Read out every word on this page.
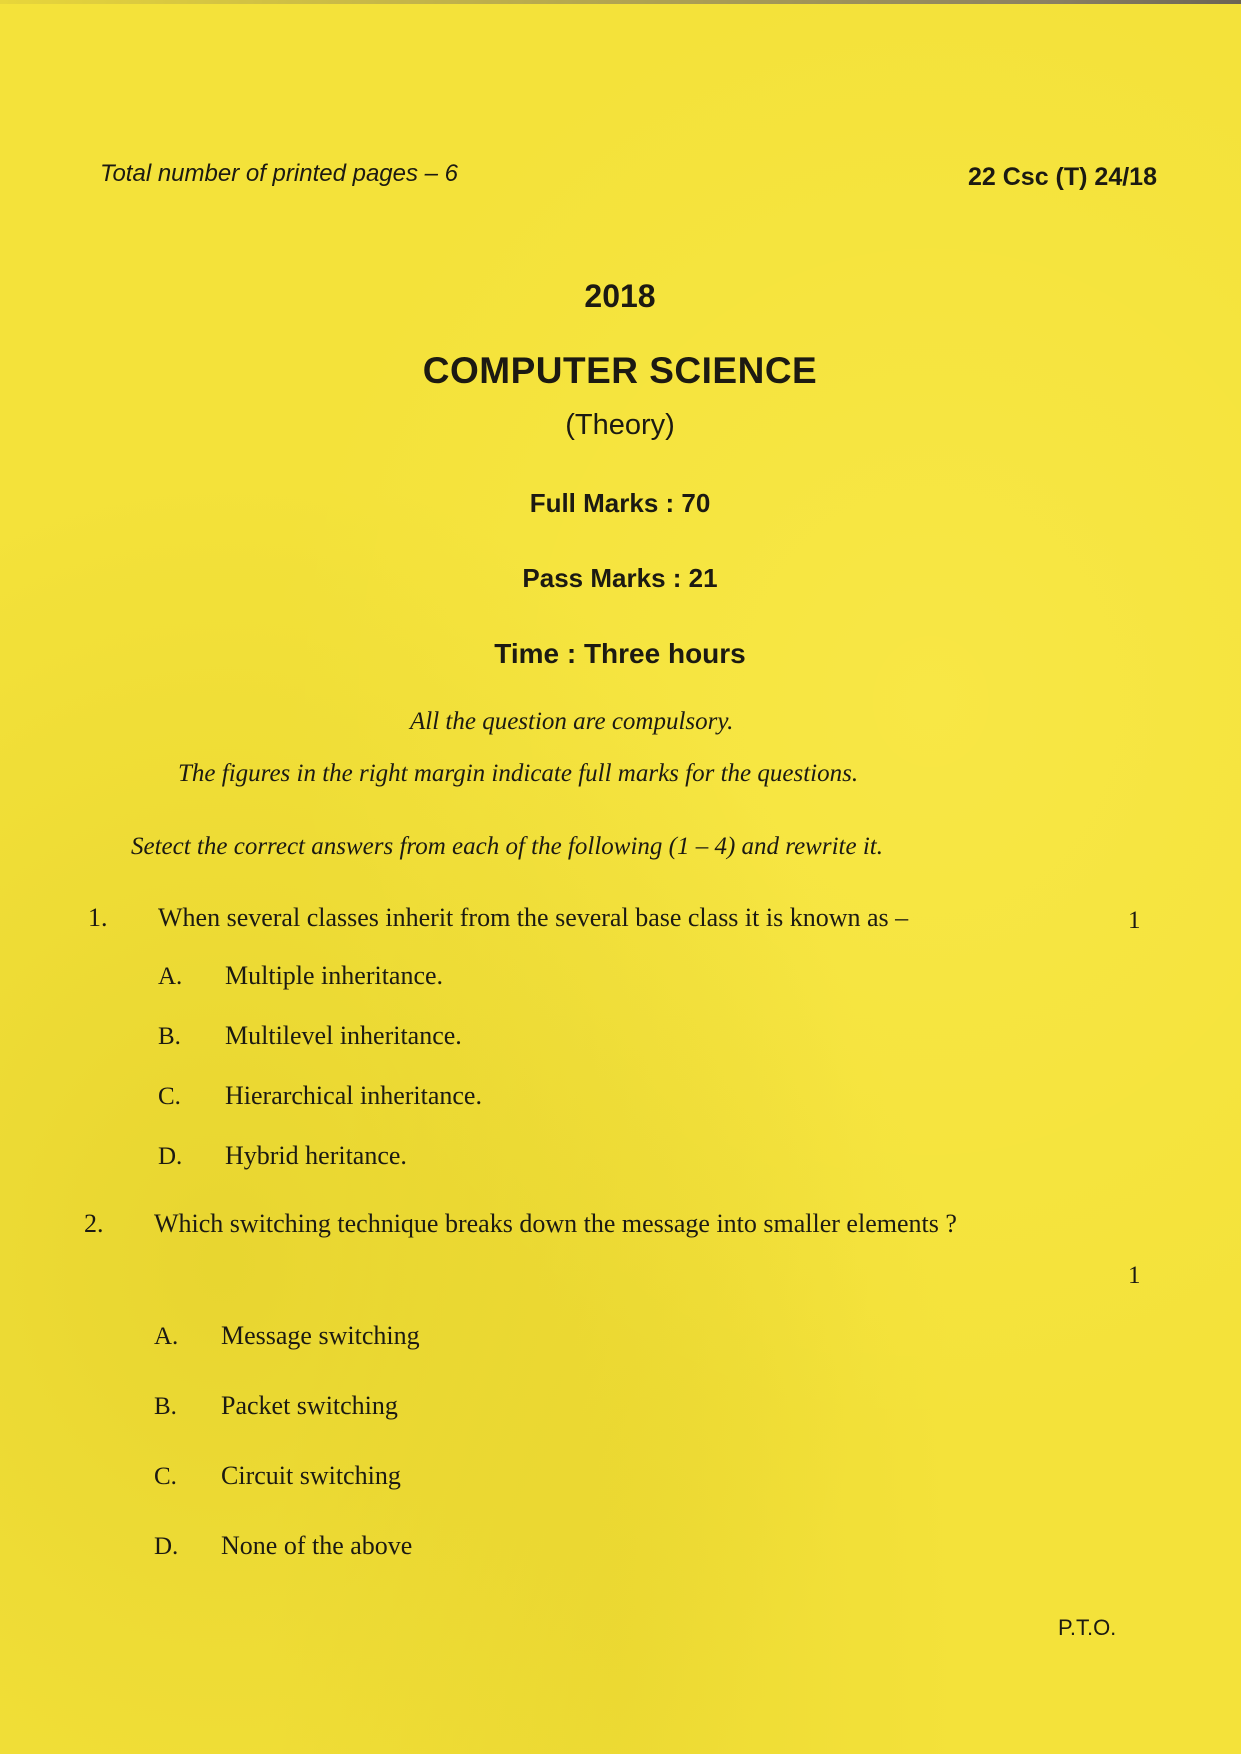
Total number of printed pages – 6	22 Csc (T) 24/18
2018
COMPUTER SCIENCE
(Theory)
Full Marks : 70
Pass Marks : 21
Time : Three hours
All the question are compulsory.
The figures in the right margin indicate full marks for the questions.
Setect the correct answers from each of the following (1 – 4) and rewrite it.
1. When several classes inherit from the several base class it is known as –	1
A. Multiple inheritance.
B. Multilevel inheritance.
C. Hierarchical inheritance.
D. Hybrid heritance.
2. Which switching technique breaks down the message into smaller elements ?
1
A. Message switching
B. Packet switching
C. Circuit switching
D. None of the above
P.T.O.
